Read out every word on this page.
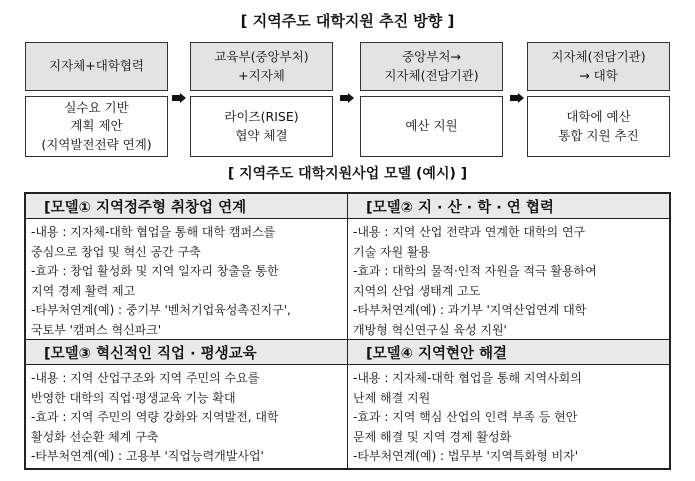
[ 지역주도 대학지원 추진 방향 ]
지자체+대학협력
교육부(중앙부처)
+지자체
중앙부처→
지자체(전담기관)
지자체(전담기관)
→ 대학
실수요 기반
계획 제안
(지역발전전략 연계)
라이즈(RISE)
협약 체결
예산 지원
대학에 예산
통합 지원 추진
[ 지역주도 대학지원사업 모델 (예시) ]
[모델① 지역정주형 취창업 연계	[모델② 지 · 산 · 학 · 연 협력

-내용 : 지자체-대학 협업을 통해 대학 캠퍼스를

중심으로 창업 및 혁신 공간 구축

-효과 : 창업 활성화 및 지역 일자리 창출을 통한

지역 경제 활력 제고

-타부처연계(예) : 중기부 '벤처기업육성촉진지구',

국토부 '캠퍼스 혁신파크'

-내용 : 지역 산업 전략과 연계한 대학의 연구

기술 자원 활용

-효과 : 대학의 물적·인적 자원을 적극 활용하여

지역의 산업 생태계 고도

-타부처연계(예) : 과기부 '지역산업연계 대학

개방형 혁신연구실 육성 지원'

[모델③ 혁신적인 직업 · 평생교육	[모델④ 지역현안 해결

-내용 : 지역 산업구조와 지역 주민의 수요를

반영한 대학의 직업·평생교육 기능 확대

-효과 : 지역 주민의 역량 강화와 지역발전, 대학

활성화 선순환 체계 구축

-타부처연계(예) : 고용부 '직업능력개발사업'

-내용 : 지자체-대학 협업을 통해 지역사회의

난제 해결 지원

-효과 : 지역 핵심 산업의 인력 부족 등 현안

문제 해결 및 지역 경제 활성화

-타부처연계(예) : 법무부 '지역특화형 비자'
